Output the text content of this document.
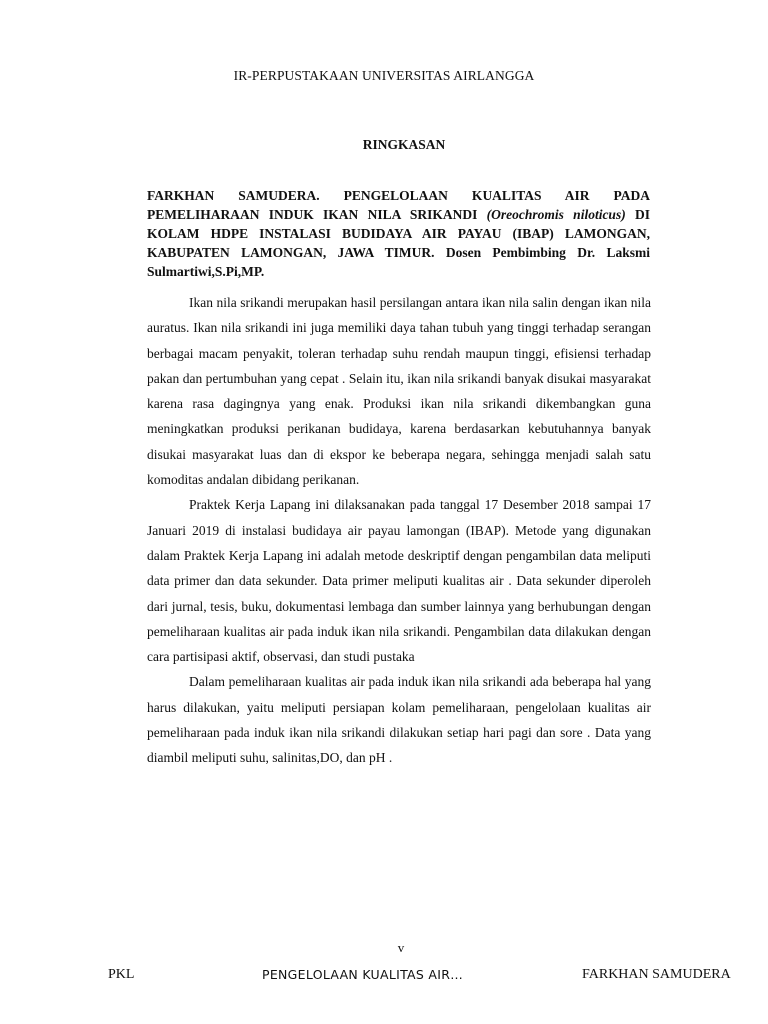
IR-PERPUSTAKAAN UNIVERSITAS AIRLANGGA
RINGKASAN
FARKHAN SAMUDERA. PENGELOLAAN KUALITAS AIR PADA PEMELIHARAAN INDUK IKAN NILA SRIKANDI (Oreochromis niloticus) DI KOLAM HDPE INSTALASI BUDIDAYA AIR PAYAU (IBAP) LAMONGAN, KABUPATEN LAMONGAN, JAWA TIMUR. Dosen Pembimbing Dr. Laksmi Sulmartiwi,S.Pi,MP.

Ikan nila srikandi merupakan hasil persilangan antara ikan nila salin dengan ikan nila auratus. Ikan nila srikandi ini juga memiliki daya tahan tubuh yang tinggi terhadap serangan berbagai macam penyakit, toleran terhadap suhu rendah maupun tinggi, efisiensi terhadap pakan dan pertumbuhan yang cepat . Selain itu, ikan nila srikandi banyak disukai masyarakat karena rasa dagingnya yang enak. Produksi ikan nila srikandi dikembangkan guna meningkatkan produksi perikanan budidaya, karena berdasarkan kebutuhannya banyak disukai masyarakat luas dan di ekspor ke beberapa negara, sehingga menjadi salah satu komoditas andalan dibidang perikanan.

Praktek Kerja Lapang ini dilaksanakan pada tanggal 17 Desember 2018 sampai 17 Januari 2019 di instalasi budidaya air payau lamongan (IBAP). Metode yang digunakan dalam Praktek Kerja Lapang ini adalah metode deskriptif dengan pengambilan data meliputi data primer dan data sekunder. Data primer meliputi kualitas air . Data sekunder diperoleh dari jurnal, tesis, buku, dokumentasi lembaga dan sumber lainnya yang berhubungan dengan pemeliharaan kualitas air pada induk ikan nila srikandi. Pengambilan data dilakukan dengan cara partisipasi aktif, observasi, dan studi pustaka

Dalam pemeliharaan kualitas air pada induk ikan nila srikandi ada beberapa hal yang harus dilakukan, yaitu meliputi persiapan kolam pemeliharaan, pengelolaan kualitas air pemeliharaan pada induk ikan nila srikandi dilakukan setiap hari pagi dan sore . Data yang diambil meliputi suhu, salinitas,DO, dan pH .

v
PKL	PENGELOLAAN KUALITAS AIR…	FARKHAN SAMUDERA
